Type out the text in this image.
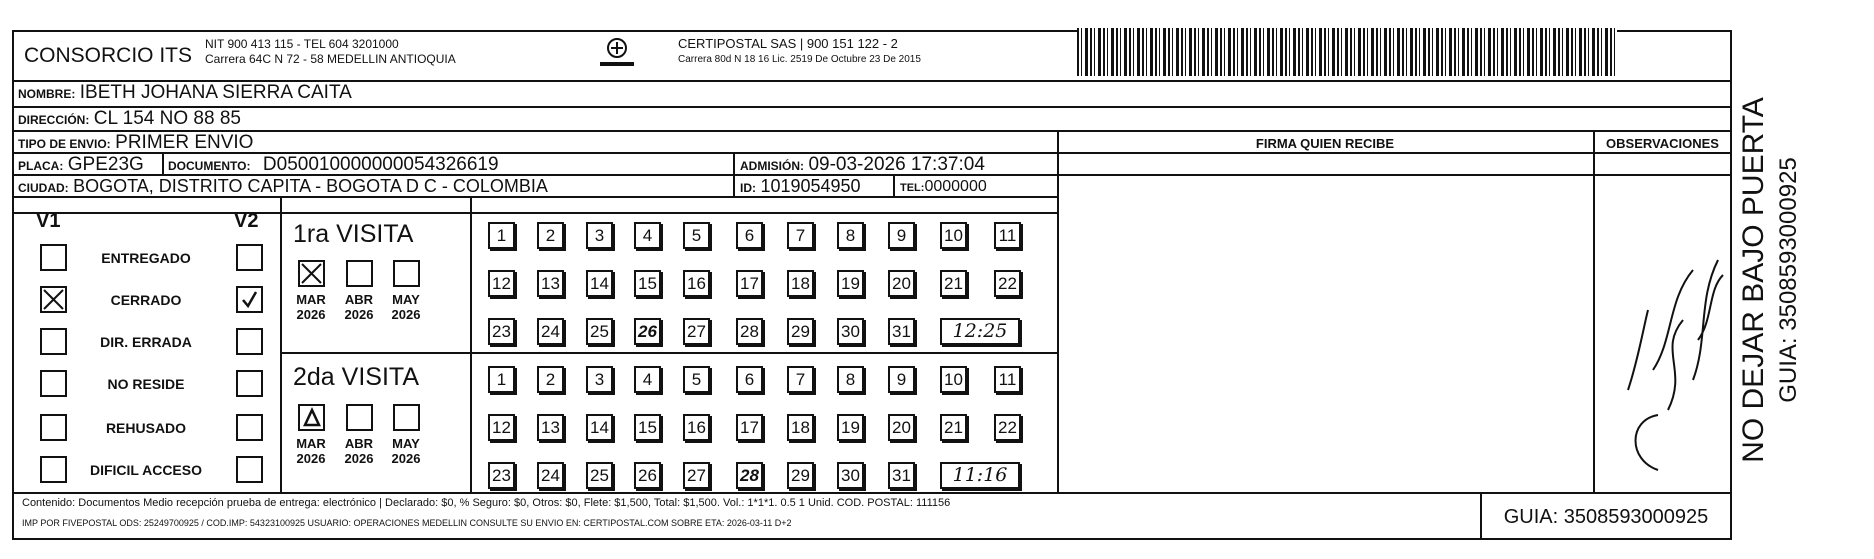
CONSORCIO ITS NIT 900 413 115 - TEL 604 3201000
Carrera 64C N 72 - 58 MEDELLIN ANTIOQUIA
CERTIPOSTAL SAS | 900 151 122 - 2
Carrera 80d N 18 16 Lic. 2519 De Octubre 23 De 2015
NOMBRE: IBETH JOHANA SIERRA CAITA
DIRECCIÓN: CL 154 NO 88 85
TIPO DE ENVIO: PRIMER ENVIO	FIRMA QUIEN RECIBE	OBSERVACIONES
PLACA: GPE23G DOCUMENTO: D050010000000054326619	ADMISIÓN: 09-03-2026 17:37:04
CIUDAD: BOGOTA, DISTRITO CAPITA - BOGOTA D C - COLOMBIA	ID: 1019054950	TEL:0000000
V1	V2
ENTREGADO
CERRADO
DIR. ERRADA
NO RESIDE
REHUSADO
DIFICIL ACCESO
1ra VISITA
MAR
2026
ABR
2026
MAY
2026
1	2	3	4	5	6	7	8	9	10 11
12 13 14 15 16 17 18 19 20 21 22
23 24 25 26 27 28 29 30 31	12:25
2da VISITA
MAR
2026
ABR
2026
MAY
2026
1	2	3	4	5	6	7	8	9	10 11
12 13 14 15 16 17 18 19 20 21 22
23 24 25 26 27 28 29 30 31	11:16
Contenido: Documentos Medio recepción prueba de entrega: electrónico | Declarado: $0, % Seguro: $0, Otros: $0, Flete: $1,500, Total: $1,500. Vol.: 1*1*1. 0.5 1 Unid. COD. POSTAL: 111156
IMP POR FIVEPOSTAL ODS: 25249700925 / COD.IMP: 54323100925 USUARIO: OPERACIONES MEDELLIN CONSULTE SU ENVIO EN: CERTIPOSTAL.COM SOBRE ETA: 2026-03-11 D+2	GUIA: 3508593000925
NO DEJAR BAJO PUERTA GUIA: 3508593000925
